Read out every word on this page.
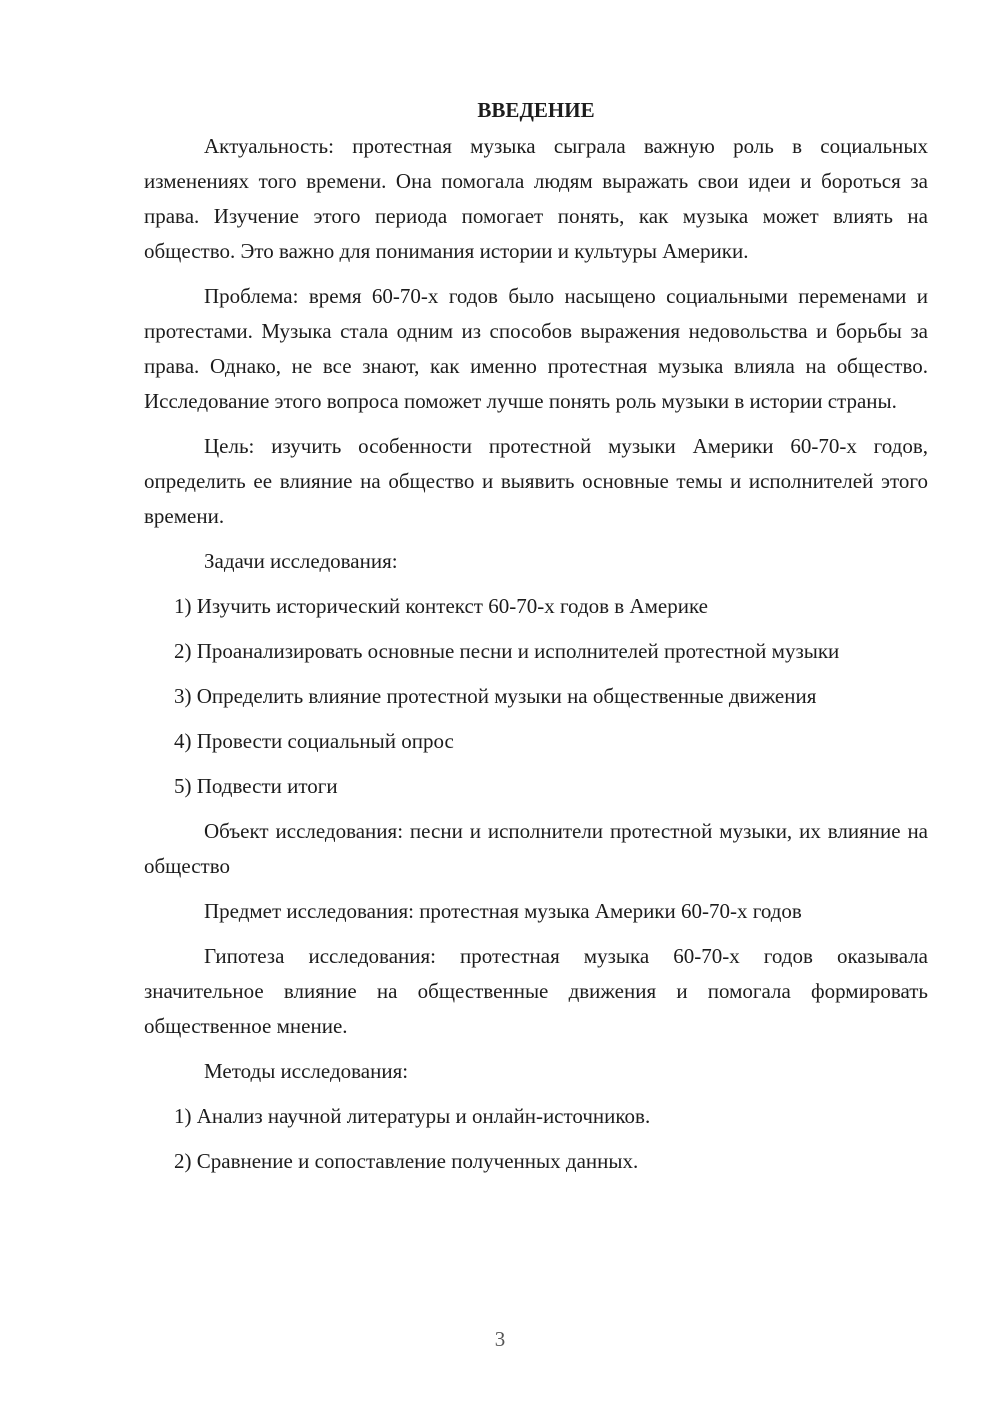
ВВЕДЕНИЕ

Актуальность: протестная музыка сыграла важную роль в социальных изменениях того времени. Она помогала людям выражать свои идеи и бороться за права. Изучение этого периода помогает понять, как музыка может влиять на общество. Это важно для понимания истории и культуры Америки.

Проблема: время 60-70-х годов было насыщено социальными переменами и протестами. Музыка стала одним из способов выражения недовольства и борьбы за права. Однако, не все знают, как именно протестная музыка влияла на общество. Исследование этого вопроса поможет лучше понять роль музыки в истории страны.

Цель: изучить особенности протестной музыки Америки 60-70-х годов, определить ее влияние на общество и выявить основные темы и исполнителей этого времени.

Задачи исследования:

1) Изучить исторический контекст 60-70-х годов в Америке

2) Проанализировать основные песни и исполнителей протестной музыки

3) Определить влияние протестной музыки на общественные движения

4) Провести социальный опрос

5) Подвести итоги

Объект исследования: песни и исполнители протестной музыки, их влияние на общество

Предмет исследования: протестная музыка Америки 60-70-х годов

Гипотеза исследования: протестная музыка 60-70-х годов оказывала значительное влияние на общественные движения и помогала формировать общественное мнение.

Методы исследования:

1) Анализ научной литературы и онлайн-источников.

2) Сравнение и сопоставление полученных данных.

3
